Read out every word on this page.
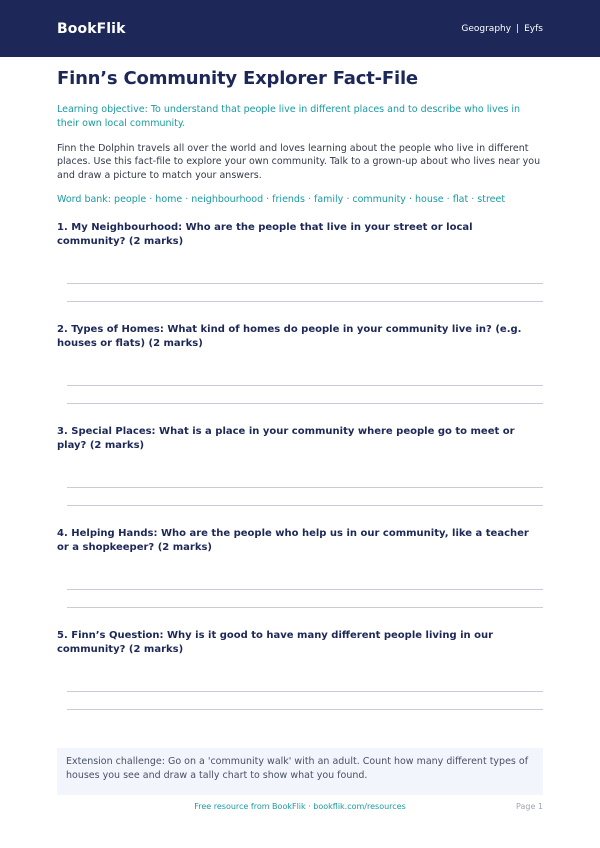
BookFlik	Geography | Eyfs
Finn’s Community Explorer Fact-File

Learning objective: To understand that people live in different places and to describe who lives in their own local community.

Finn the Dolphin travels all over the world and loves learning about the people who live in different places. Use this fact-file to explore your own community. Talk to a grown-up about who lives near you and draw a picture to match your answers.

Word bank: people · home · neighbourhood · friends · family · community · house · flat · street

1. My Neighbourhood: Who are the people that live in your street or local community? (2 marks)
2. Types of Homes: What kind of homes do people in your community live in? (e.g. houses or flats) (2 marks)
3. Special Places: What is a place in your community where people go to meet or play? (2 marks)
4. Helping Hands: Who are the people who help us in our community, like a teacher or a shopkeeper? (2 marks)
5. Finn’s Question: Why is it good to have many different people living in our community? (2 marks)
Extension challenge: Go on a 'community walk' with an adult. Count how many different types of houses you see and draw a tally chart to show what you found.
Free resource from BookFlik · bookflik.com/resources	Page 1
